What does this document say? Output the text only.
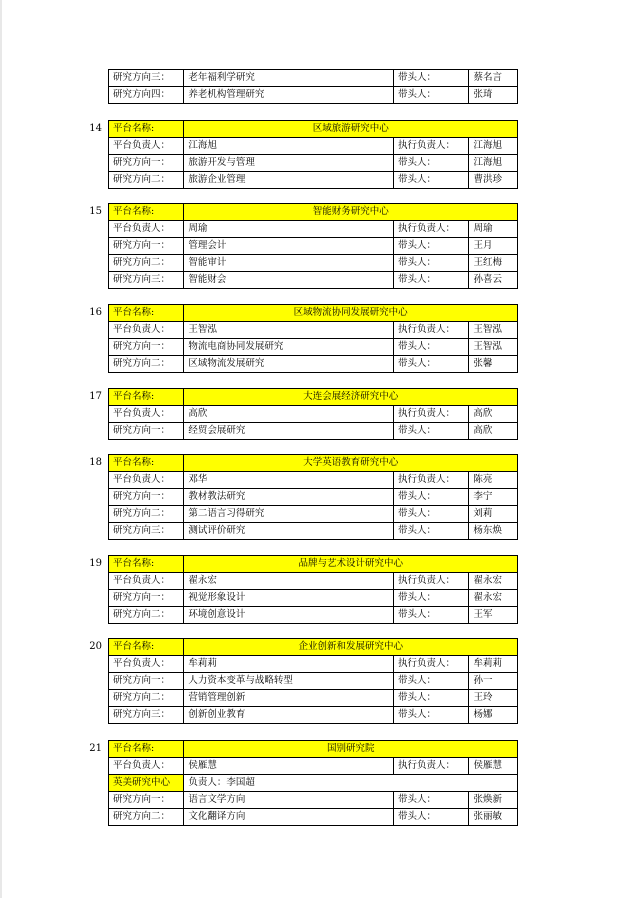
研究方向三：	老年福利学研究	带头人：	蔡名言
研究方向四：	养老机构管理研究	带头人：	张琦
14 平台名称:	区域旅游研究中心		
平台负责人：	江海旭	执行负责人：	江海旭
研究方向一：	旅游开发与管理	带头人：	江海旭
研究方向二：	旅游企业管理	带头人：	曹洪珍
15 平台名称:	智能财务研究中心		
平台负责人：	周瑜	执行负责人：	周瑜
研究方向一：	管理会计	带头人：	王月
研究方向二：	智能审计	带头人：	王红梅
研究方向三：	智能财会	带头人：	孙喜云
16 平台名称:	区域物流协同发展研究中心		
平台负责人：	王智泓	执行负责人：	王智泓
研究方向一：	物流电商协同发展研究	带头人：	王智泓
研究方向二：	区域物流发展研究	带头人：	张馨
17 平台名称:	大连会展经济研究中心		
平台负责人：	高欣	执行负责人：	高欣
研究方向一：	经贸会展研究	带头人：	高欣
18 平台名称:	大学英语教育研究中心		
平台负责人：	邓华	执行负责人：	陈亮
研究方向一：	教材教法研究	带头人：	李宁
研究方向二：	第二语言习得研究	带头人：	刘莉
研究方向三：	测试评价研究	带头人：	杨东焕
19 平台名称:	品牌与艺术设计研究中心		
平台负责人：	翟永宏	执行负责人：	翟永宏
研究方向一：	视觉形象设计	带头人：	翟永宏
研究方向二：	环境创意设计	带头人：	王军
20 平台名称:	企业创新和发展研究中心		
平台负责人：	牟莉莉	执行负责人：	牟莉莉
研究方向一：	人力资本变革与战略转型	带头人：	孙一
研究方向二：	营销管理创新	带头人：	王玲
研究方向三：	创新创业教育	带头人：	杨娜
21 平台名称:	国别研究院		
平台负责人：	侯雁慧	执行负责人：	侯雁慧
英美研究中心	负责人：李国超		
研究方向一：	语言文学方向	带头人：	张焕新
研究方向二：	文化翻译方向	带头人：	张丽敏
